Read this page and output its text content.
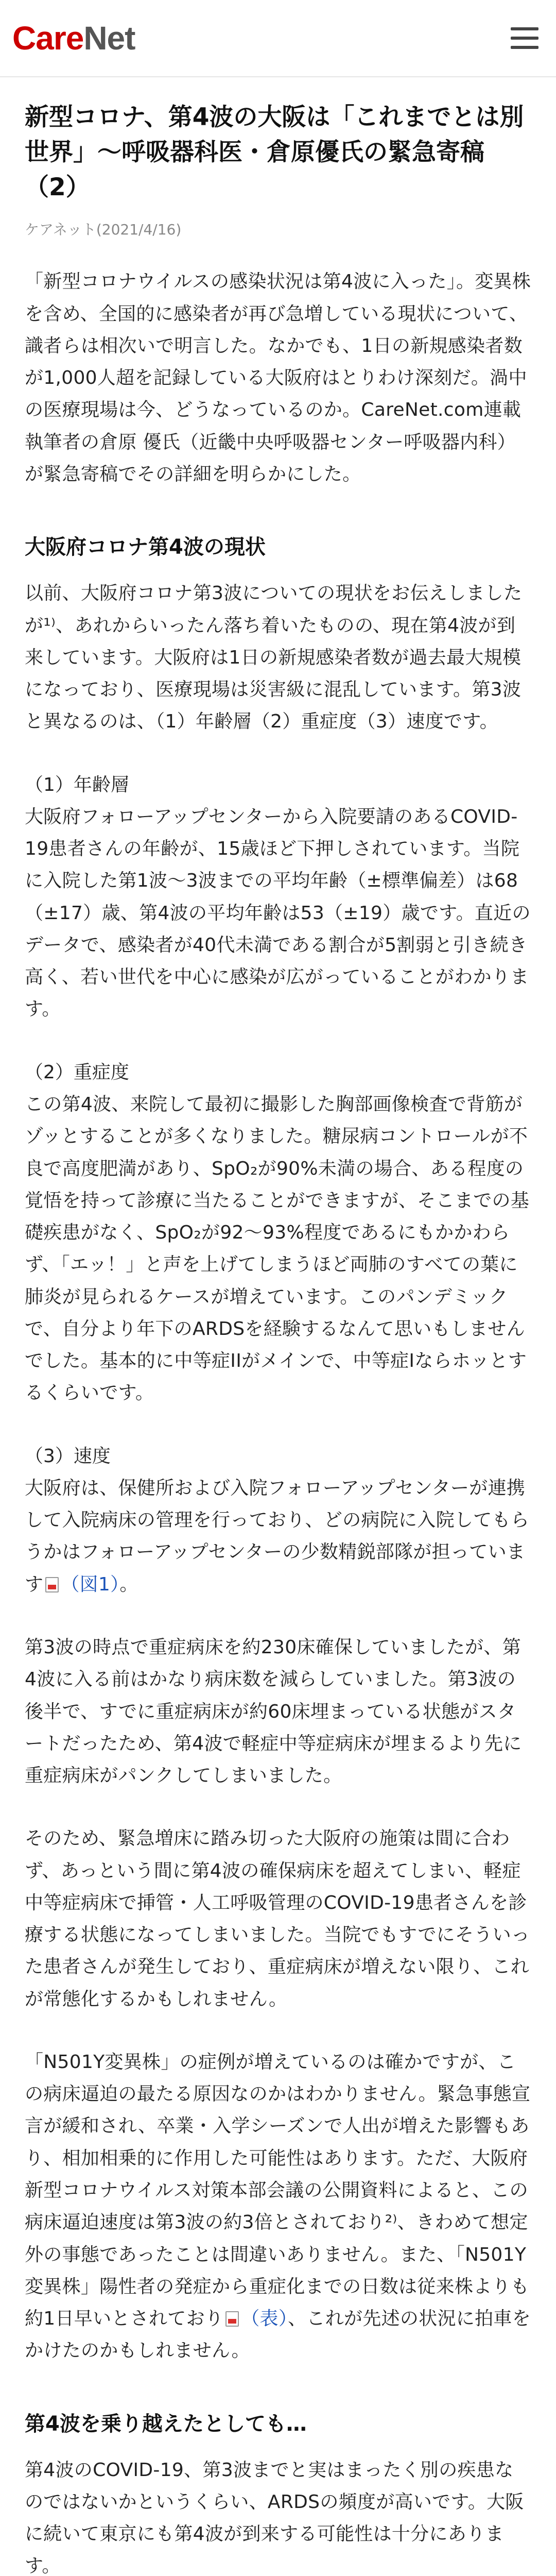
CareNet
新型コロナ、第4波の大阪は「これまでとは別世界」～呼吸器科医・倉原優氏の緊急寄稿（2）
ケアネット(2021/4/16)

「新型コロナウイルスの感染状況は第4波に入った」。変異株を含め、全国的に感染者が再び急増している現状について、識者らは相次いで明言した。なかでも、1日の新規感染者数が1,000人超を記録している大阪府はとりわけ深刻だ。渦中の医療現場は今、どうなっているのか。CareNet.com連載執筆者の倉原 優氏（近畿中央呼吸器センター呼吸器内科）が緊急寄稿でその詳細を明らかにした。

大阪府コロナ第4波の現状

以前、大阪府コロナ第3波についての現状をお伝えしましたが¹⁾、あれからいったん落ち着いたものの、現在第4波が到来しています。大阪府は1日の新規感染者数が過去最大規模になっており、医療現場は災害級に混乱しています。第3波と異なるのは、（1）年齢層（2）重症度（3）速度です。

（1）年齢層

大阪府フォローアップセンターから入院要請のあるCOVID-19患者さんの年齢が、15歳ほど下押しされています。当院に入院した第1波～3波までの平均年齢（±標準偏差）は68（±17）歳、第4波の平均年齢は53（±19）歳です。直近のデータで、感染者が40代未満である割合が5割弱と引き続き高く、若い世代を中心に感染が広がっていることがわかります。

（2）重症度

この第4波、来院して最初に撮影した胸部画像検査で背筋がゾッとすることが多くなりました。糖尿病コントロールが不良で高度肥満があり、SpO₂が90%未満の場合、ある程度の覚悟を持って診療に当たることができますが、そこまでの基礎疾患がなく、SpO₂が92～93%程度であるにもかかわらず、「エッ！」と声を上げてしまうほど両肺のすべての葉に肺炎が見られるケースが増えています。このパンデミックで、自分より年下のARDSを経験するなんて思いもしませんでした。基本的に中等症IIがメインで、中等症Iならホッとするくらいです。

（3）速度

大阪府は、保健所および入院フォローアップセンターが連携して入院病床の管理を行っており、どの病院に入院してもらうかはフォローアップセンターの少数精鋭部隊が担っています （図1）。

第3波の時点で重症病床を約230床確保していましたが、第4波に入る前はかなり病床数を減らしていました。第3波の後半で、すでに重症病床が約60床埋まっている状態がスタートだったため、第4波で軽症中等症病床が埋まるより先に重症病床がパンクしてしまいました。

そのため、緊急増床に踏み切った大阪府の施策は間に合わず、あっという間に第4波の確保病床を超えてしまい、軽症中等症病床で挿管・人工呼吸管理のCOVID-19患者さんを診療する状態になってしまいました。当院でもすでにそういった患者さんが発生しており、重症病床が増えない限り、これが常態化するかもしれません。

「N501Y変異株」の症例が増えているのは確かですが、この病床逼迫の最たる原因なのかはわかりません。緊急事態宣言が緩和され、卒業・入学シーズンで人出が増えた影響もあり、相加相乗的に作用した可能性はあります。ただ、大阪府新型コロナウイルス対策本部会議の公開資料によると、この病床逼迫速度は第3波の約3倍とされており²⁾、きわめて想定外の事態であったことは間違いありません。また、「N501Y変異株」陽性者の発症から重症化までの日数は従来株よりも約1日早いとされており （表）、これが先述の状況に拍車をかけたのかもしれません。

第4波を乗り越えたとしても…

第4波のCOVID-19、第3波までと実はまったく別の疾患なのではないかというくらい、ARDSの頻度が高いです。大阪に続いて東京にも第4波が到来する可能性は十分にあります。
